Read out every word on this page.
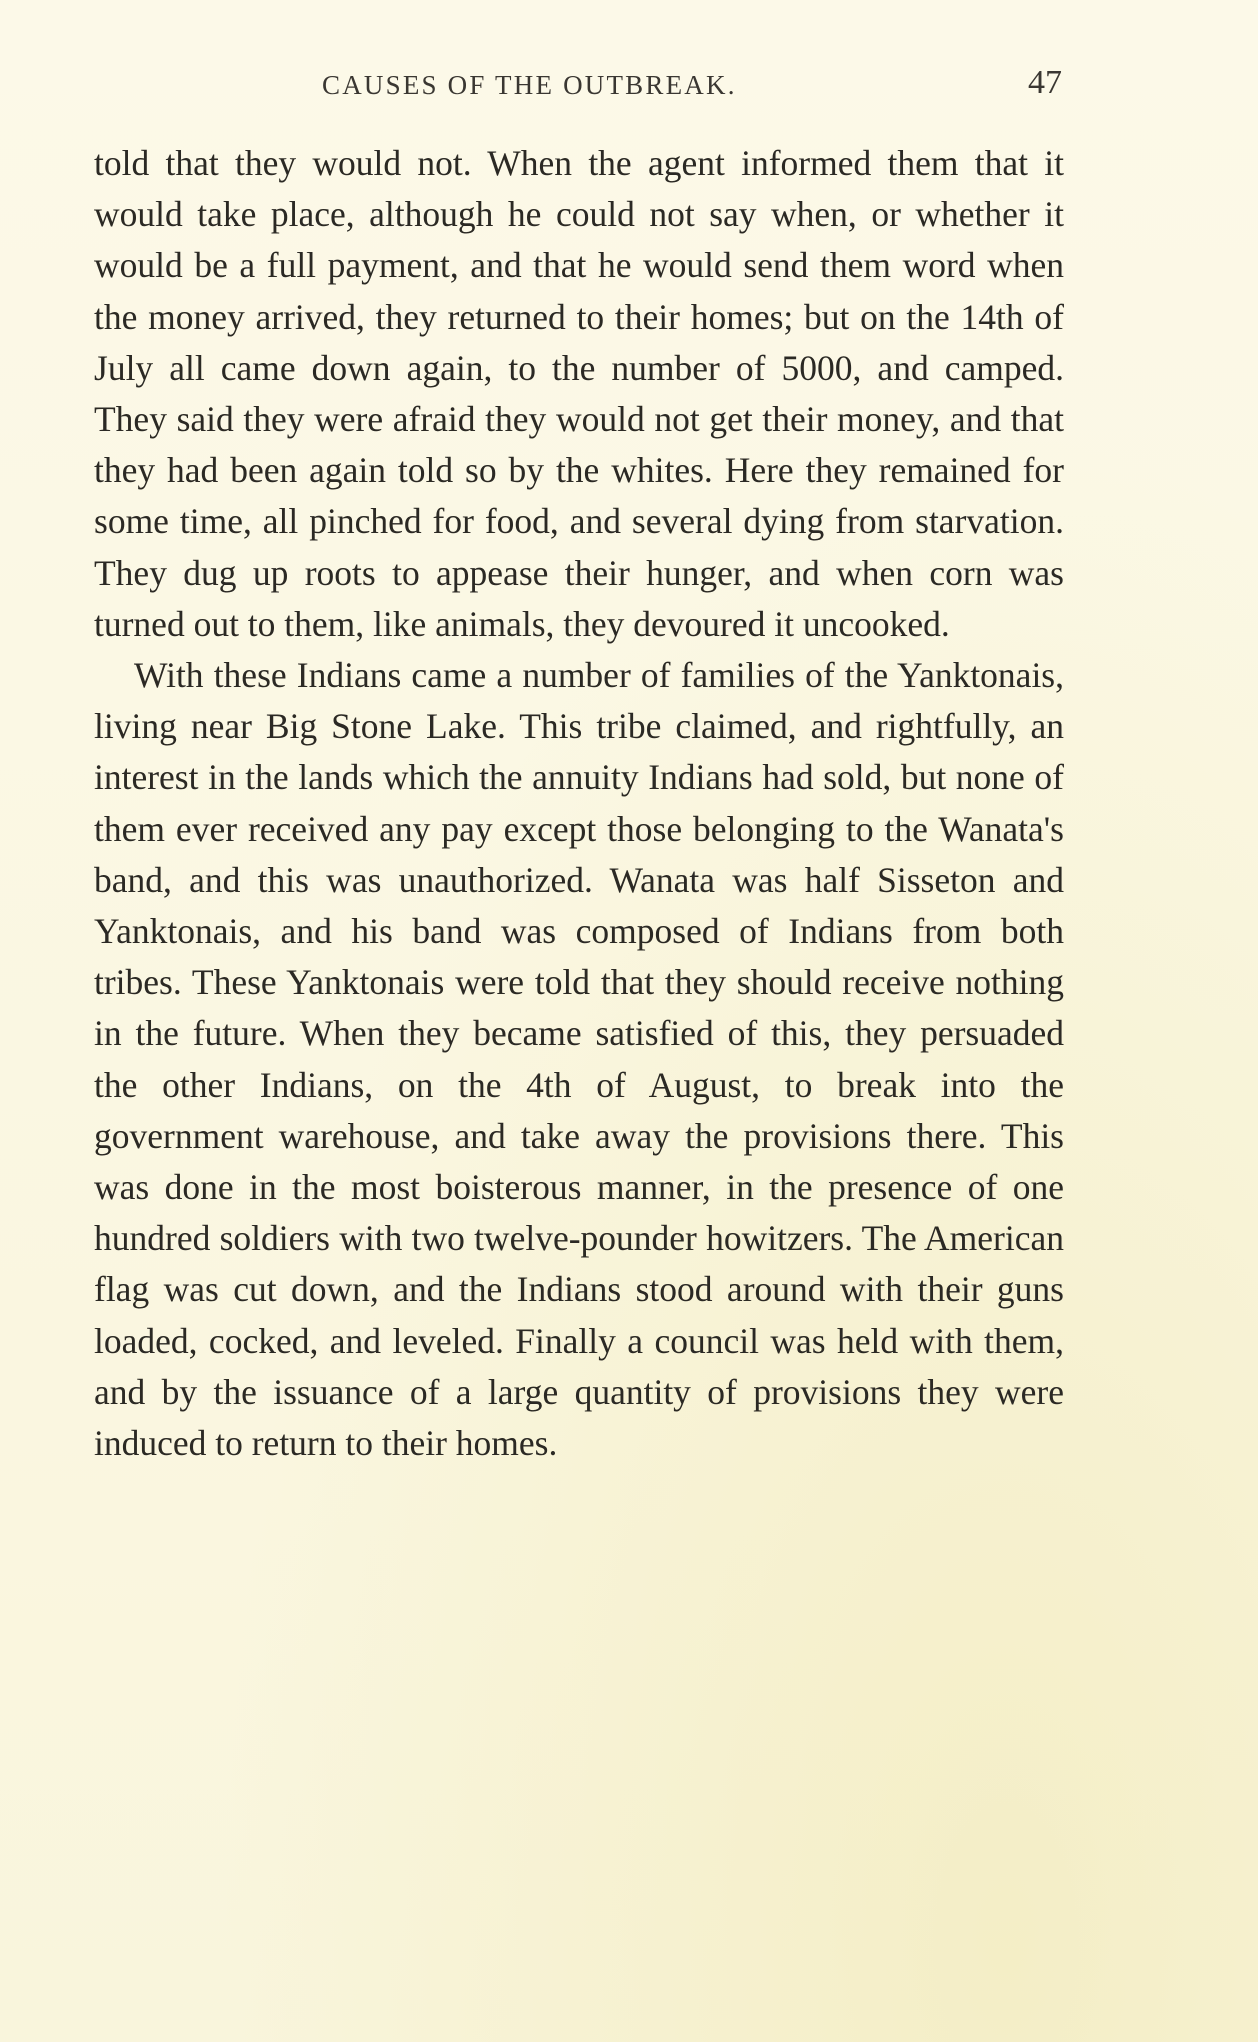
CAUSES OF THE OUTBREAK.	47

told that they would not. When the agent informed them that it would take place, although he could not say when, or whether it would be a full payment, and that he would send them word when the money arrived, they returned to their homes; but on the 14th of July all came down again, to the number of 5000, and camped. They said they were afraid they would not get their money, and that they had been again told so by the whites. Here they remained for some time, all pinched for food, and several dying from starvation. They dug up roots to appease their hunger, and when corn was turned out to them, like animals, they devoured it uncooked.

With these Indians came a number of families of the Yanktonais, living near Big Stone Lake. This tribe claimed, and rightfully, an interest in the lands which the annuity Indians had sold, but none of them ever received any pay except those belonging to the Wanata's band, and this was unauthorized. Wanata was half Sisseton and Yanktonais, and his band was composed of Indians from both tribes. These Yanktonais were told that they should receive nothing in the future. When they became satisfied of this, they persuaded the other Indians, on the 4th of August, to break into the government warehouse, and take away the provisions there. This was done in the most boisterous manner, in the presence of one hundred soldiers with two twelve-pounder howitzers. The American flag was cut down, and the Indians stood around with their guns loaded, cocked, and leveled. Finally a council was held with them, and by the issuance of a large quantity of provisions they were induced to return to their homes.
